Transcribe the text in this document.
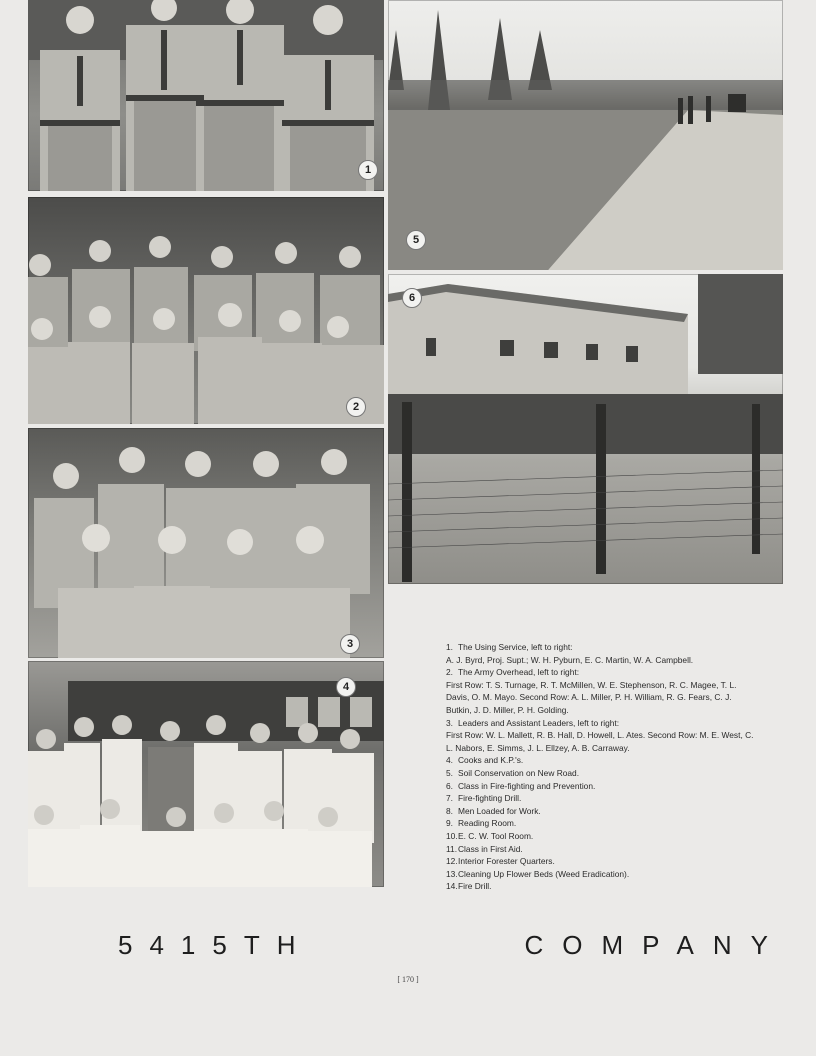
1
2
3
4
5
6
1. The Using Service, left to right:
A. J. Byrd, Proj. Supt.; W. H. Pyburn, E. C. Martin, W. A. Campbell.
2. The Army Overhead, left to right:
First Row: T. S. Turnage, R. T. McMillen, W. E. Stephenson, R. C. Magee, T. L. Davis, O. M. Mayo. Second Row: A. L. Miller, P. H. William, R. G. Fears, C. J. Butkin, J. D. Miller, P. H. Golding.
3. Leaders and Assistant Leaders, left to right:
First Row: W. L. Mallett, R. B. Hall, D. Howell, L. Ates. Second Row: M. E. West, C. L. Nabors, E. Simms, J. L. Ellzey, A. B. Carraway.
4. Cooks and K.P.'s.
5. Soil Conservation on New Road.
6. Class in Fire-fighting and Prevention.
7. Fire-fighting Drill.
8. Men Loaded for Work.
9. Reading Room.
10. E. C. W. Tool Room.
11. Class in First Aid.
12. Interior Forester Quarters.
13. Cleaning Up Flower Beds (Weed Eradication).
14. Fire Drill.
5415TH	COMPANY
[ 170 ]
